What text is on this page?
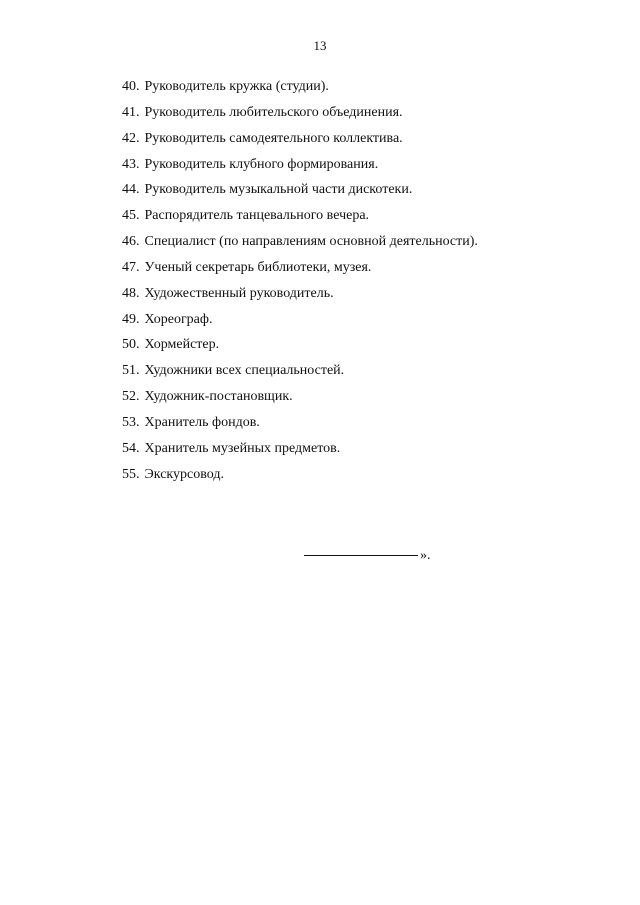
13
40. Руководитель кружка (студии).
41. Руководитель любительского объединения.
42. Руководитель самодеятельного коллектива.
43. Руководитель клубного формирования.
44. Руководитель музыкальной части дискотеки.
45. Распорядитель танцевального вечера.
46. Специалист (по направлениям основной деятельности).
47. Ученый секретарь библиотеки, музея.
48. Художественный руководитель.
49. Хореограф.
50. Хормейстер.
51. Художники всех специальностей.
52. Художник-постановщик.
53. Хранитель фондов.
54. Хранитель музейных предметов.
55. Экскурсовод.
».
